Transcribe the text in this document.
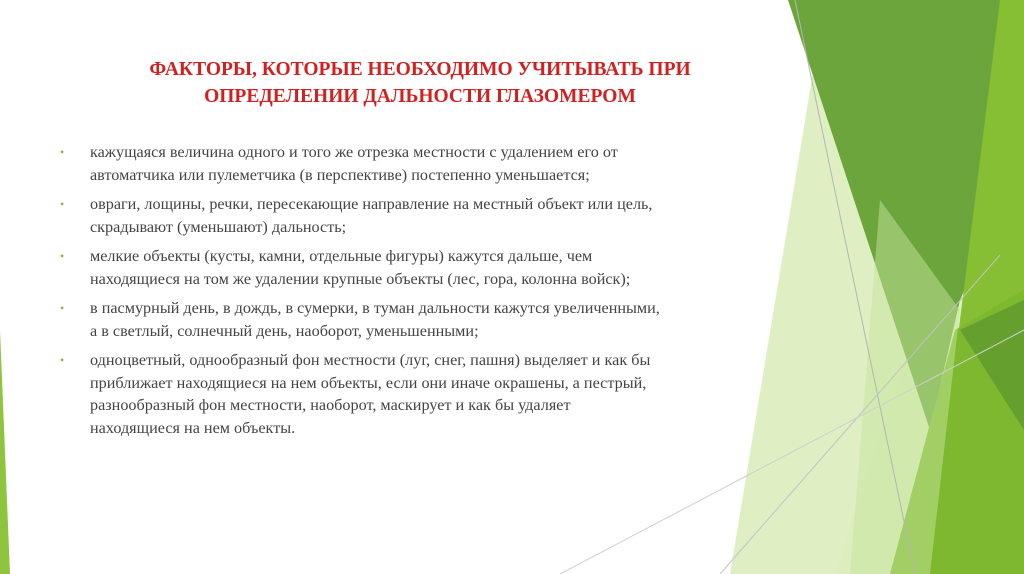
ФАКТОРЫ, КОТОРЫЕ НЕОБХОДИМО УЧИТЫВАТЬ ПРИ
ОПРЕДЕЛЕНИИ ДАЛЬНОСТИ ГЛАЗОМЕРОМ
•	кажущаяся величина одного и того же отрезка местности с удалением его от
автоматчика или пулеметчика (в перспективе) постепенно уменьшается;
•	овраги, лощины, речки, пересекающие направление на местный объект или цель,
скрадывают (уменьшают) дальность;
•	мелкие объекты (кусты, камни, отдельные фигуры) кажутся дальше, чем
находящиеся на том же удалении крупные объекты (лес, гора, колонна войск);
•	в пасмурный день, в дождь, в сумерки, в туман дальности кажутся увеличенными,
а в светлый, солнечный день, наоборот, уменьшенными;
•	одноцветный, однообразный фон местности (луг, снег, пашня) выделяет и как бы
приближает находящиеся на нем объекты, если они иначе окрашены, а пестрый,
разнообразный фон местности, наоборот, маскирует и как бы удаляет
находящиеся на нем объекты.
